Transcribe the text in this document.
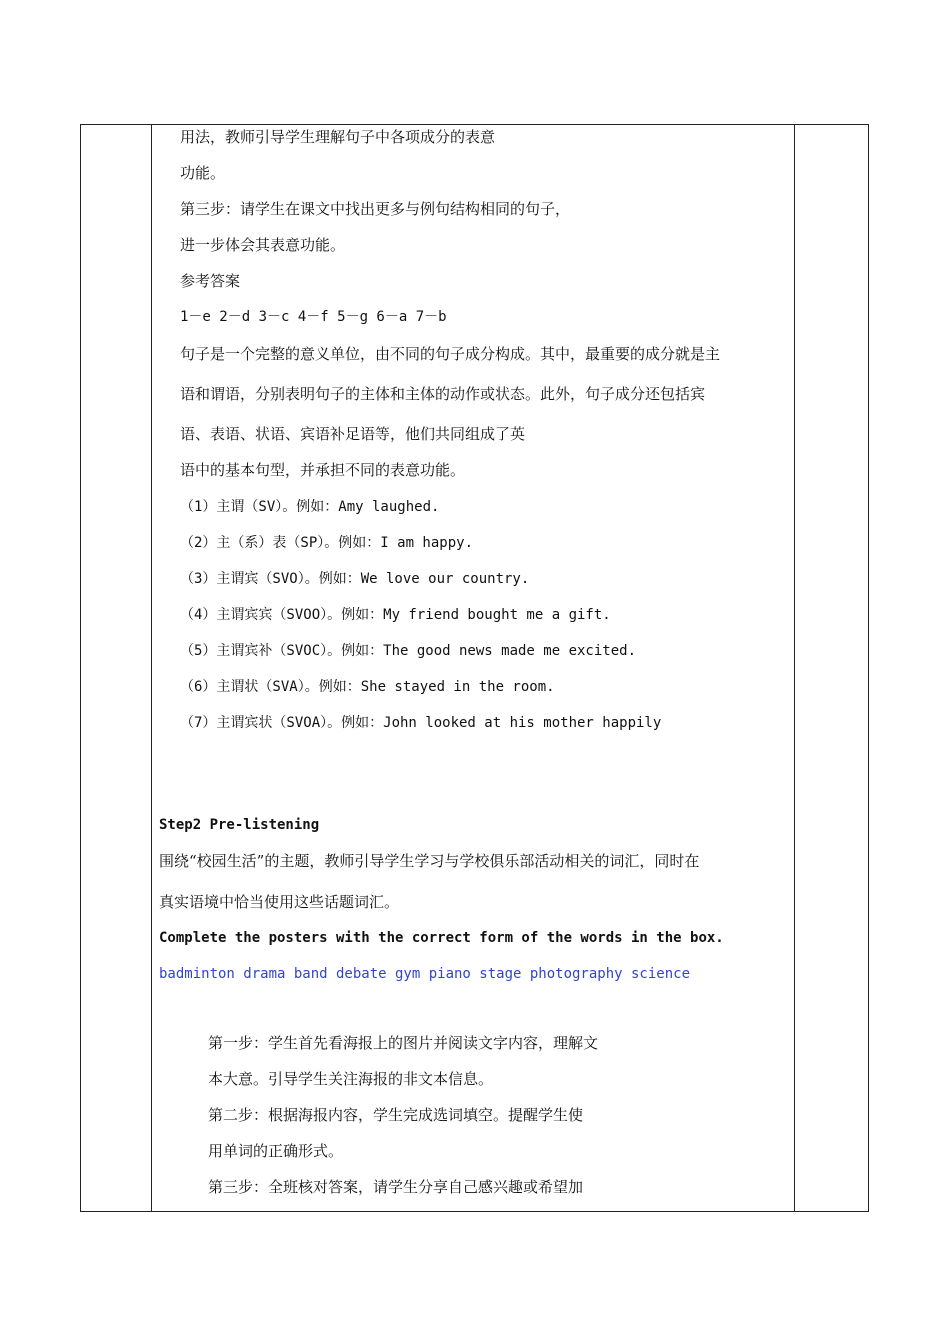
用法，教师引导学生理解句子中各项成分的表意
功能。
第三步：请学生在课文中找出更多与例句结构相同的句子，
进一步体会其表意功能。
参考答案
1－e 2－d 3－c 4－f 5－g 6－a 7－b
句子是一个完整的意义单位，由不同的句子成分构成。其中，最重要的成分就是主
语和谓语，分别表明句子的主体和主体的动作或状态。此外，句子成分还包括宾
语、表语、状语、宾语补足语等，他们共同组成了英
语中的基本句型，并承担不同的表意功能。
（1）主谓（SV）。例如：Amy laughed.
（2）主（系）表（SP）。例如：I am happy.
（3）主谓宾（SVO）。例如：We love our country.
（4）主谓宾宾（SVOO）。例如：My friend bought me a gift.
（5）主谓宾补（SVOC）。例如：The good news made me excited.
（6）主谓状（SVA）。例如：She stayed in the room.
（7）主谓宾状（SVOA）。例如：John looked at his mother happily
Step2 Pre-listening
围绕“校园生活”的主题，教师引导学生学习与学校俱乐部活动相关的词汇，同时在
真实语境中恰当使用这些话题词汇。
Complete the posters with the correct form of the words in the box.
badminton drama band debate gym piano stage photography science
第一步：学生首先看海报上的图片并阅读文字内容，理解文
本大意。引导学生关注海报的非文本信息。
第二步：根据海报内容，学生完成选词填空。提醒学生使
用单词的正确形式。
第三步：全班核对答案，请学生分享自己感兴趣或希望加
